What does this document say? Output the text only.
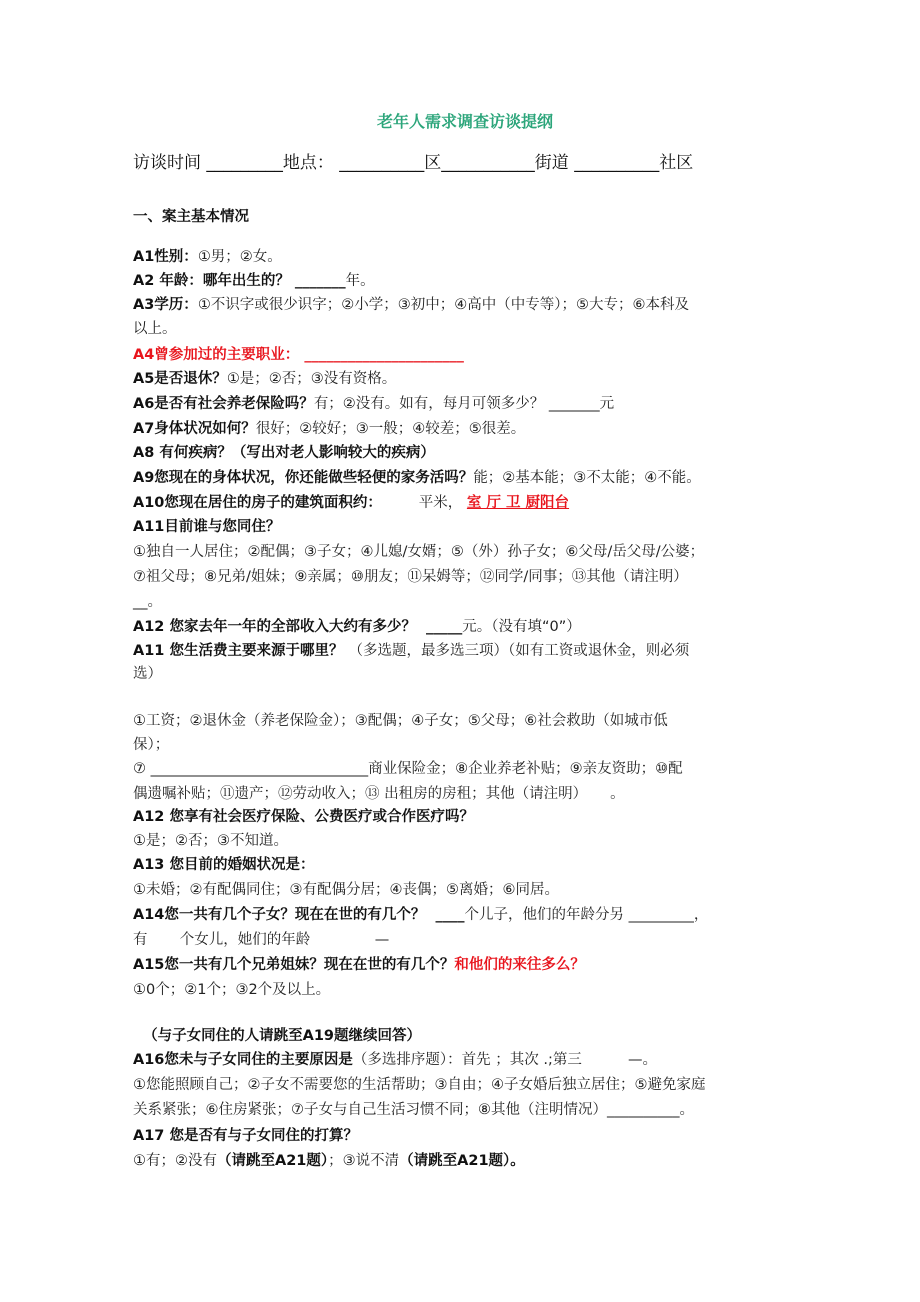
老年人需求调查访谈提纲
访谈时间 _________地点： __________区___________街道 __________社区
一、案主基本情况
A1性别：①男；②女。
A2 年龄：哪年出生的？ _______年。
A3学历：①不识字或很少识字；②小学；③初中；④高中（中专等）；⑤大专；⑥本科及
以上。
A4曾参加过的主要职业： ______________________
A5是否退休？①是；②否；③没有资格。
A6是否有社会养老保险吗？有；②没有。如有，每月可领多少？ _______元
A7身体状况如何？很好；②较好；③一般；④较差；⑤很差。
A8 有何疾病？（写出对老人影响较大的疾病）
A9您现在的身体状况，你还能做些轻便的家务活吗？能；②基本能；③不太能；④不能。
A10您现在居住的房子的建筑面积约：        平米， 室 厅 卫 厨阳台
A11目前谁与您同住？
①独自一人居住；②配偶；③子女；④儿媳/女婿；⑤（外）孙子女；⑥父母/岳父母/公婆；
⑦祖父母；⑧兄弟/姐妹；⑨亲属；⑩朋友；⑪呆姆等；⑫同学/同事；⑬其他（请注明）
__。
A12 您家去年一年的全部收入大约有多少？  _____元。（没有填“0”）
A11 您生活费主要来源于哪里？ （多选题，最多选三项）（如有工资或退休金，则必须
选）
①工资；②退休金（养老保险金）；③配偶；④子女；⑤父母；⑥社会救助（如城市低
保）；
⑦ ______________________________商业保险金；⑧企业养老补贴；⑨亲友资助；⑩配
偶遗嘱补贴；⑪遗产；⑫劳动收入；⑬ 出租房的房租；其他（请注明）     。
A12 您享有社会医疗保险、公费医疗或合作医疗吗？
①是；②否；③不知道。
A13 您目前的婚姻状况是：
①未婚；②有配偶同住；③有配偶分居；④丧偶；⑤离婚；⑥同居。
A14您一共有几个子女？现在在世的有几个？  ____个儿子，他们的年龄分另 _________，
有       个女儿，她们的年龄              —
A15您一共有几个兄弟姐妹？现在在世的有几个？和他们的来往多么？
①0个；②1个；③2个及以上。
（与子女同住的人请跳至A19题继续回答）
A16您未与子女同住的主要原因是（多选排序题）：首先 ；其次 .;第三          —。
①您能照顾自己；②子女不需要您的生活帮助；③自由；④子女婚后独立居住；⑤避免家庭
关系紧张；⑥住房紧张；⑦子女与自己生活习惯不同；⑧其他（注明情况）__________。
A17 您是否有与子女同住的打算？
①有；②没有（请跳至A21题）；③说不清（请跳至A21题）。
